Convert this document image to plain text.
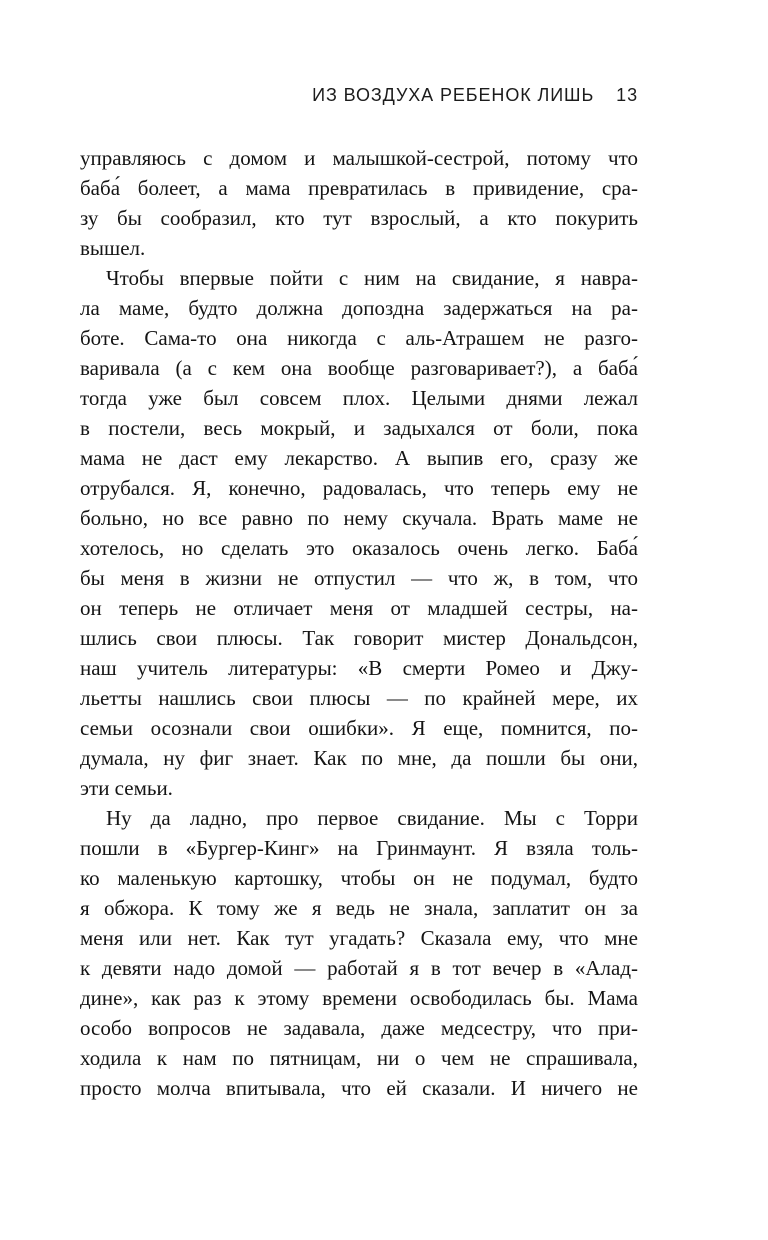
ИЗ ВОЗДУХА РЕБЕНОК ЛИШЬ 13
управляюсь с домом и малышкой-сестрой, потому что
баба́ болеет, а мама превратилась в привидение, сра-
зу бы сообразил, кто тут взрослый, а кто покурить
вышел.
Чтобы впервые пойти с ним на свидание, я навра-
ла маме, будто должна допоздна задержаться на ра-
боте. Сама-то она никогда с аль-Атрашем не разго-
варивала (а с кем она вообще разговаривает?), а баба́
тогда уже был совсем плох. Целыми днями лежал
в постели, весь мокрый, и задыхался от боли, пока
мама не даст ему лекарство. А выпив его, сразу же
отрубался. Я, конечно, радовалась, что теперь ему не
больно, но все равно по нему скучала. Врать маме не
хотелось, но сделать это оказалось очень легко. Баба́
бы меня в жизни не отпустил — что ж, в том, что
он теперь не отличает меня от младшей сестры, на-
шлись свои плюсы. Так говорит мистер Дональдсон,
наш учитель литературы: «В смерти Ромео и Джу-
льетты нашлись свои плюсы — по крайней мере, их
семьи осознали свои ошибки». Я еще, помнится, по-
думала, ну фиг знает. Как по мне, да пошли бы они,
эти семьи.
Ну да ладно, про первое свидание. Мы с Торри
пошли в «Бургер-Кинг» на Гринмаунт. Я взяла толь-
ко маленькую картошку, чтобы он не подумал, будто
я обжора. К тому же я ведь не знала, заплатит он за
меня или нет. Как тут угадать? Сказала ему, что мне
к девяти надо домой — работай я в тот вечер в «Алад-
дине», как раз к этому времени освободилась бы. Мама
особо вопросов не задавала, даже медсестру, что при-
ходила к нам по пятницам, ни о чем не спрашивала,
просто молча впитывала, что ей сказали. И ничего не
